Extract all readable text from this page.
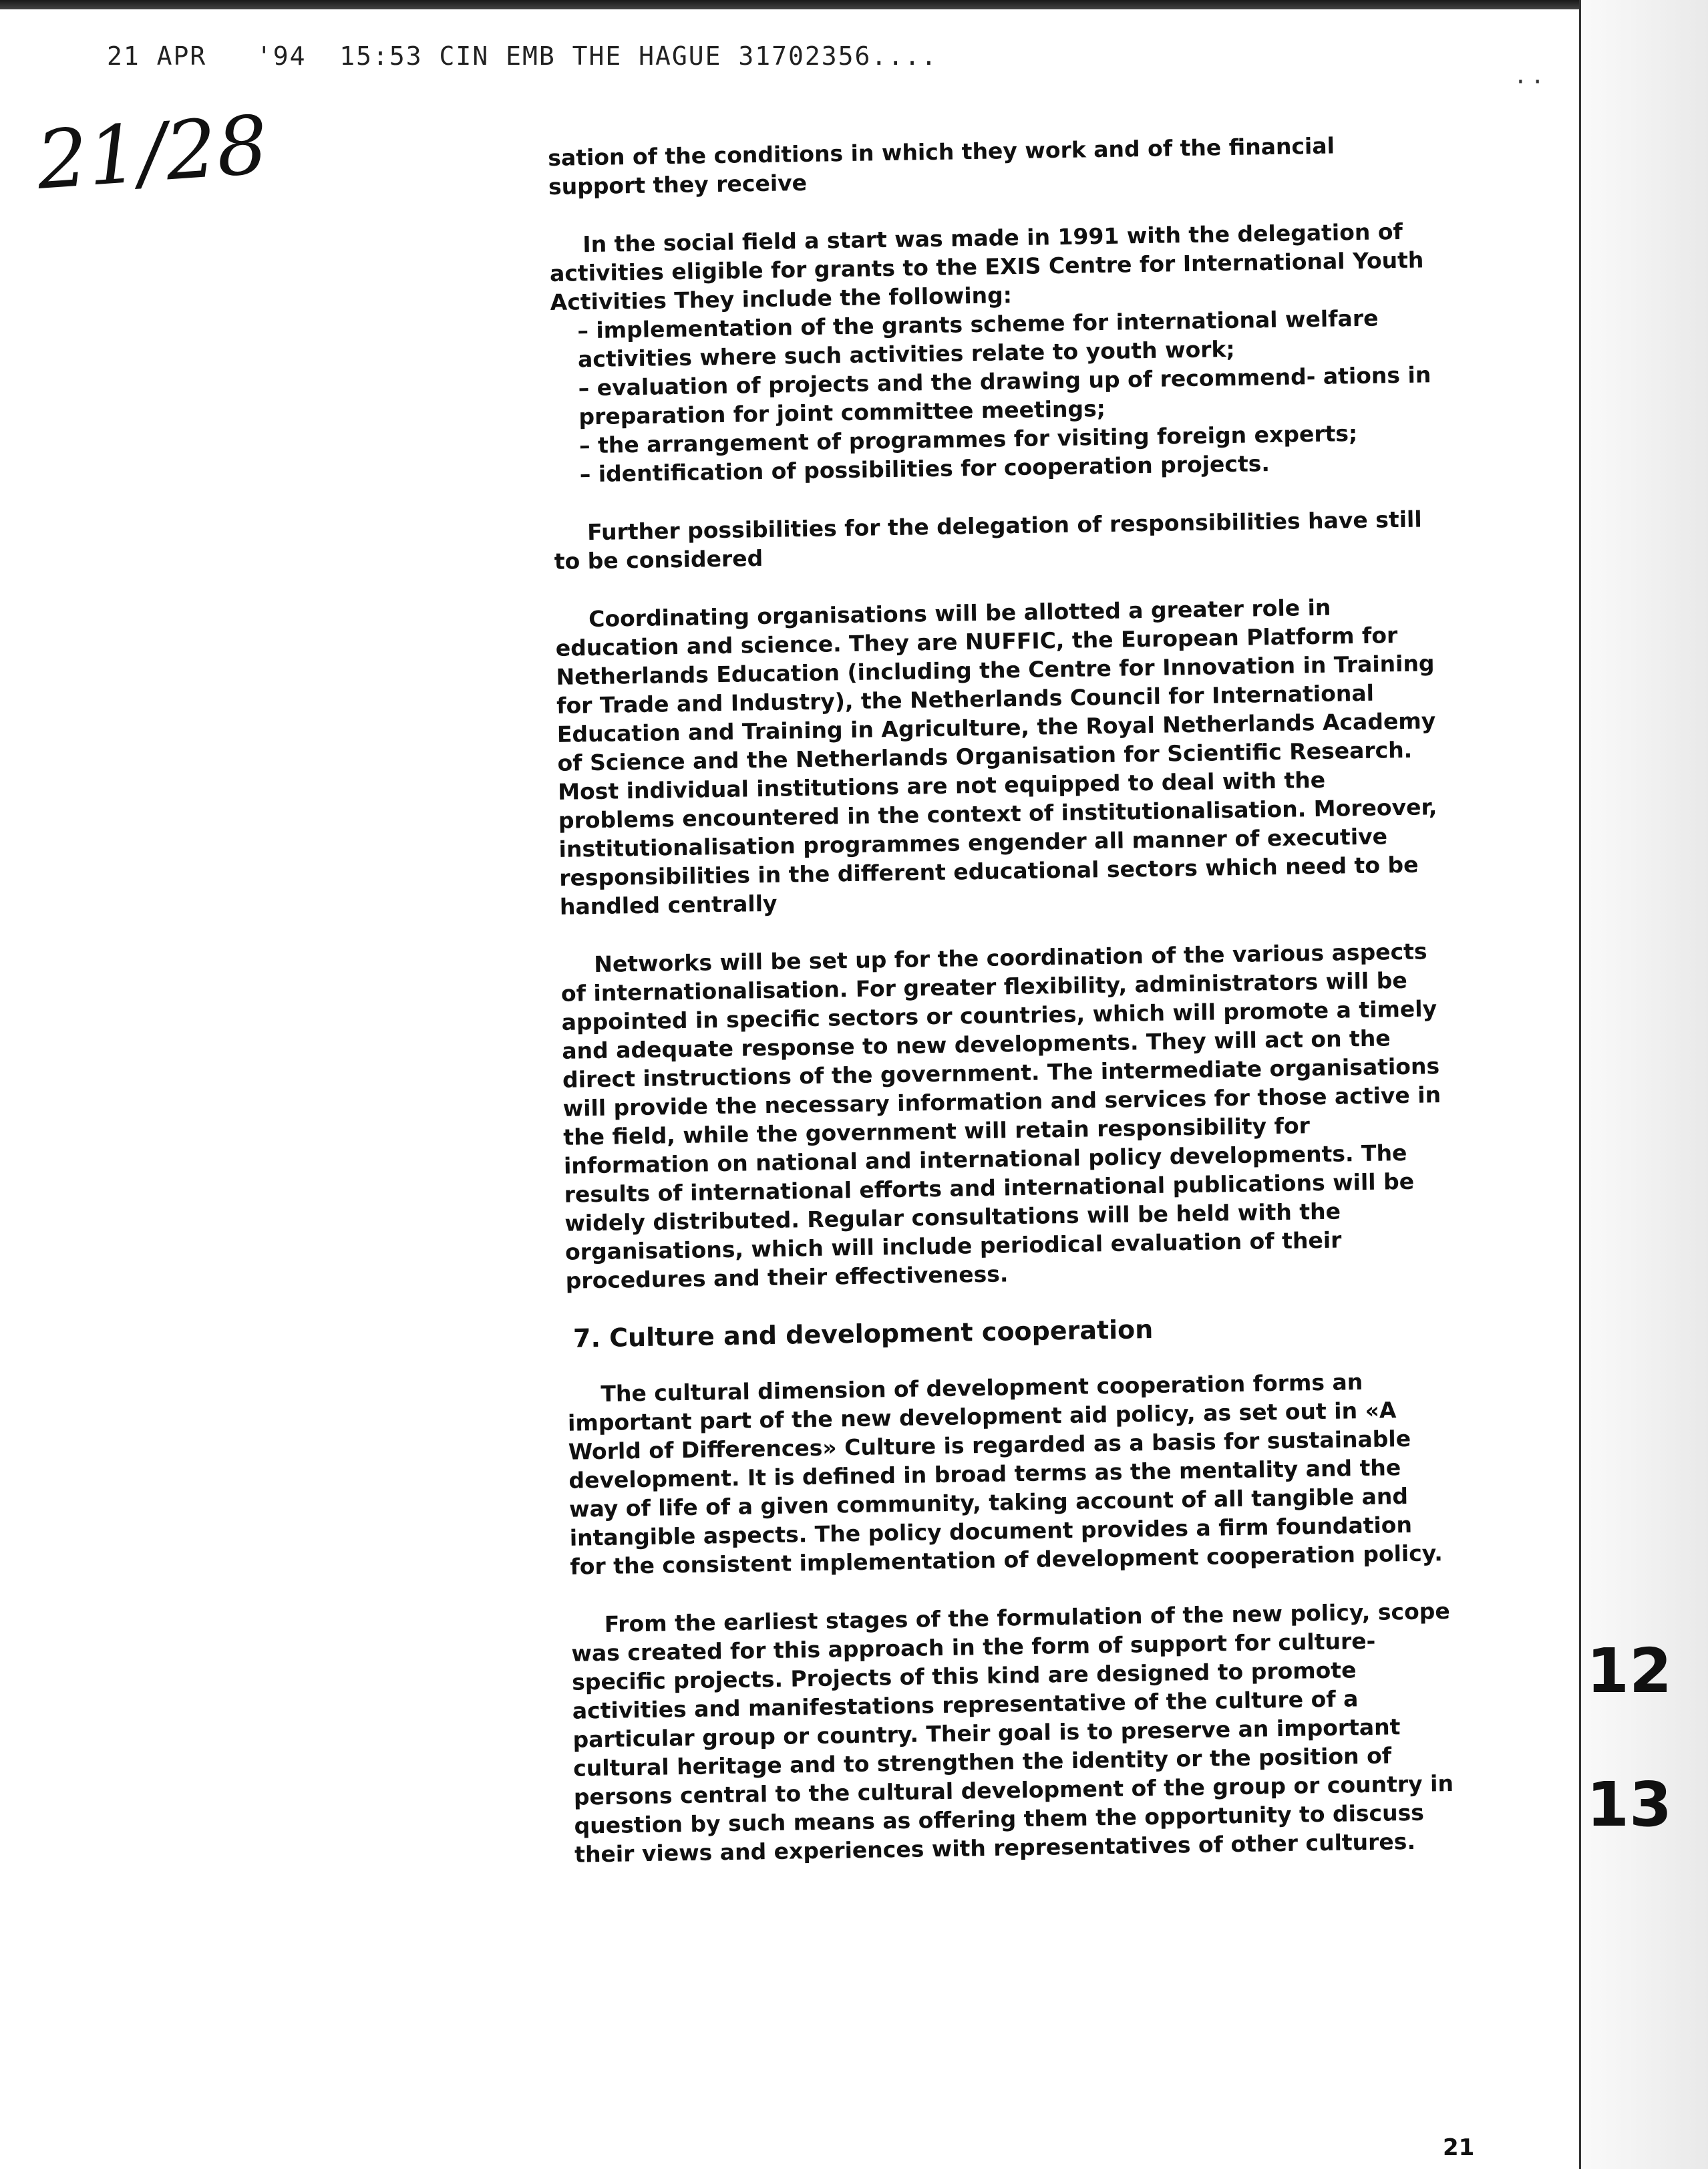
21 APR   '94  15:53 CIN EMB THE HAGUE 31702356....
21/28
· ·

sation of the conditions in which they work and of the financial support they receive

In the social field a start was made in 1991 with the delegation of activities eligible for grants to the EXIS Centre for International Youth Activities They include the following:

– implementation of the grants scheme for international welfare activities where such activities relate to youth work;

– evaluation of projects and the drawing up of recommend- ations in preparation for joint committee meetings;

– the arrangement of programmes for visiting foreign experts;

– identification of possibilities for cooperation projects.

Further possibilities for the delegation of responsibilities have still to be considered

Coordinating organisations will be allotted a greater role in education and science. They are NUFFIC, the European Platform for Netherlands Education (including the Centre for Innovation in Training for Trade and Industry), the Netherlands Council for International Education and Training in Agriculture, the Royal Netherlands Academy of Science and the Netherlands Organisation for Scientific Research. Most individual institutions are not equipped to deal with the problems encountered in the context of institutionalisation. Moreover, institutionalisation programmes engender all manner of executive responsibilities in the different educational sectors which need to be handled centrally

Networks will be set up for the coordination of the various aspects of internationalisation. For greater flexibility, administrators will be appointed in specific sectors or countries, which will promote a timely and adequate response to new developments. They will act on the direct instructions of the government. The intermediate organisations will provide the necessary information and services for those active in the field, while the government will retain responsibility for information on national and international policy developments. The results of international efforts and international publications will be widely distributed. Regular consultations will be held with the organisations, which will include periodical evaluation of their procedures and their effectiveness.

7. Culture and development cooperation

The cultural dimension of development cooperation forms an important part of the new development aid policy, as set out in «A World of Differences» Culture is regarded as a basis for sustainable development. It is defined in broad terms as the mentality and the way of life of a given community, taking account of all tangible and intangible aspects. The policy document provides a firm foundation for the consistent implementation of development cooperation policy.

From the earliest stages of the formulation of the new policy, scope was created for this approach in the form of support for culture-specific projects. Projects of this kind are designed to promote activities and manifestations representative of the culture of a particular group or country. Their goal is to preserve an important cultural heritage and to strengthen the identity or the position of persons central to the cultural development of the group or country in question by such means as offering them the opportunity to discuss their views and experiences with representatives of other cultures.

12
13
21
